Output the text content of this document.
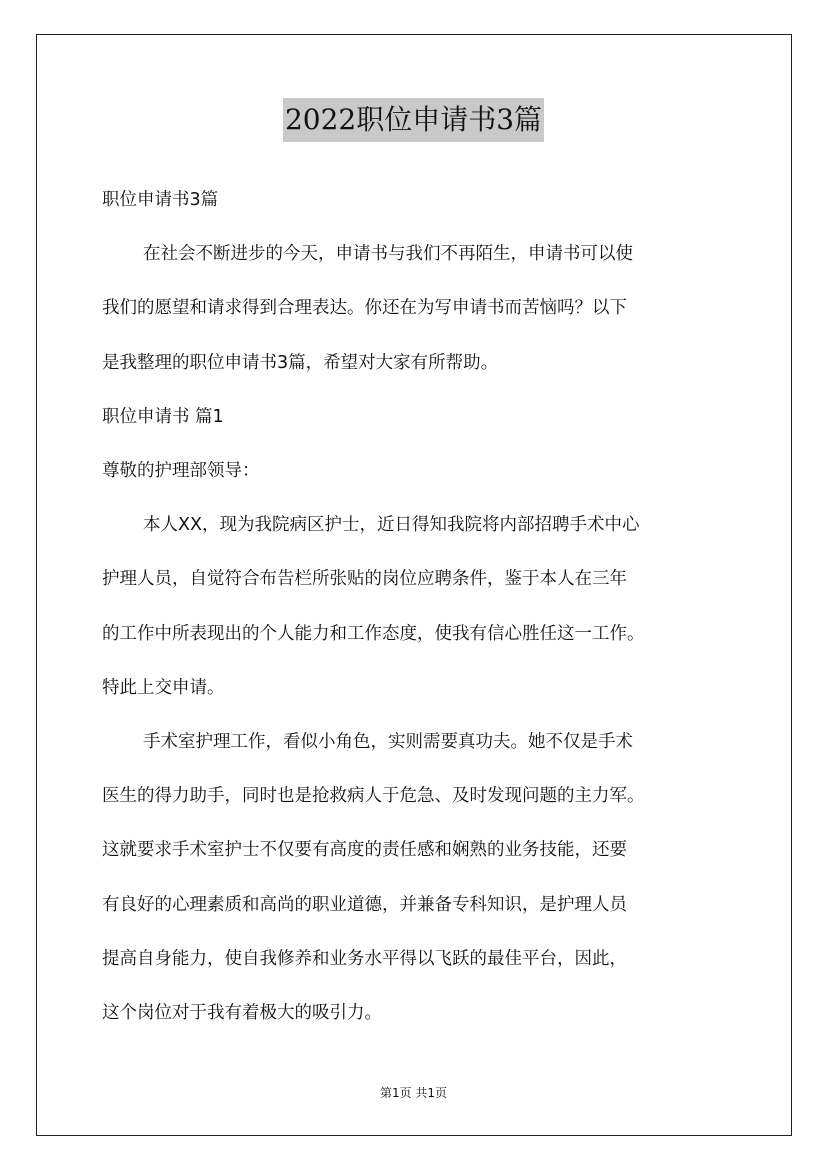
2022职位申请书3篇
职位申请书3篇
在社会不断进步的今天，申请书与我们不再陌生，申请书可以使
我们的愿望和请求得到合理表达。你还在为写申请书而苦恼吗？以下
是我整理的职位申请书3篇，希望对大家有所帮助。
职位申请书 篇1
尊敬的护理部领导：
本人XX，现为我院病区护士，近日得知我院将内部招聘手术中心
护理人员，自觉符合布告栏所张贴的岗位应聘条件，鉴于本人在三年
的工作中所表现出的个人能力和工作态度，使我有信心胜任这一工作。
特此上交申请。
手术室护理工作，看似小角色，实则需要真功夫。她不仅是手术
医生的得力助手，同时也是抢救病人于危急、及时发现问题的主力军。
这就要求手术室护士不仅要有高度的责任感和娴熟的业务技能，还要
有良好的心理素质和高尚的职业道德，并兼备专科知识，是护理人员
提高自身能力，使自我修养和业务水平得以飞跃的最佳平台，因此，
这个岗位对于我有着极大的吸引力。
第1页 共1页
